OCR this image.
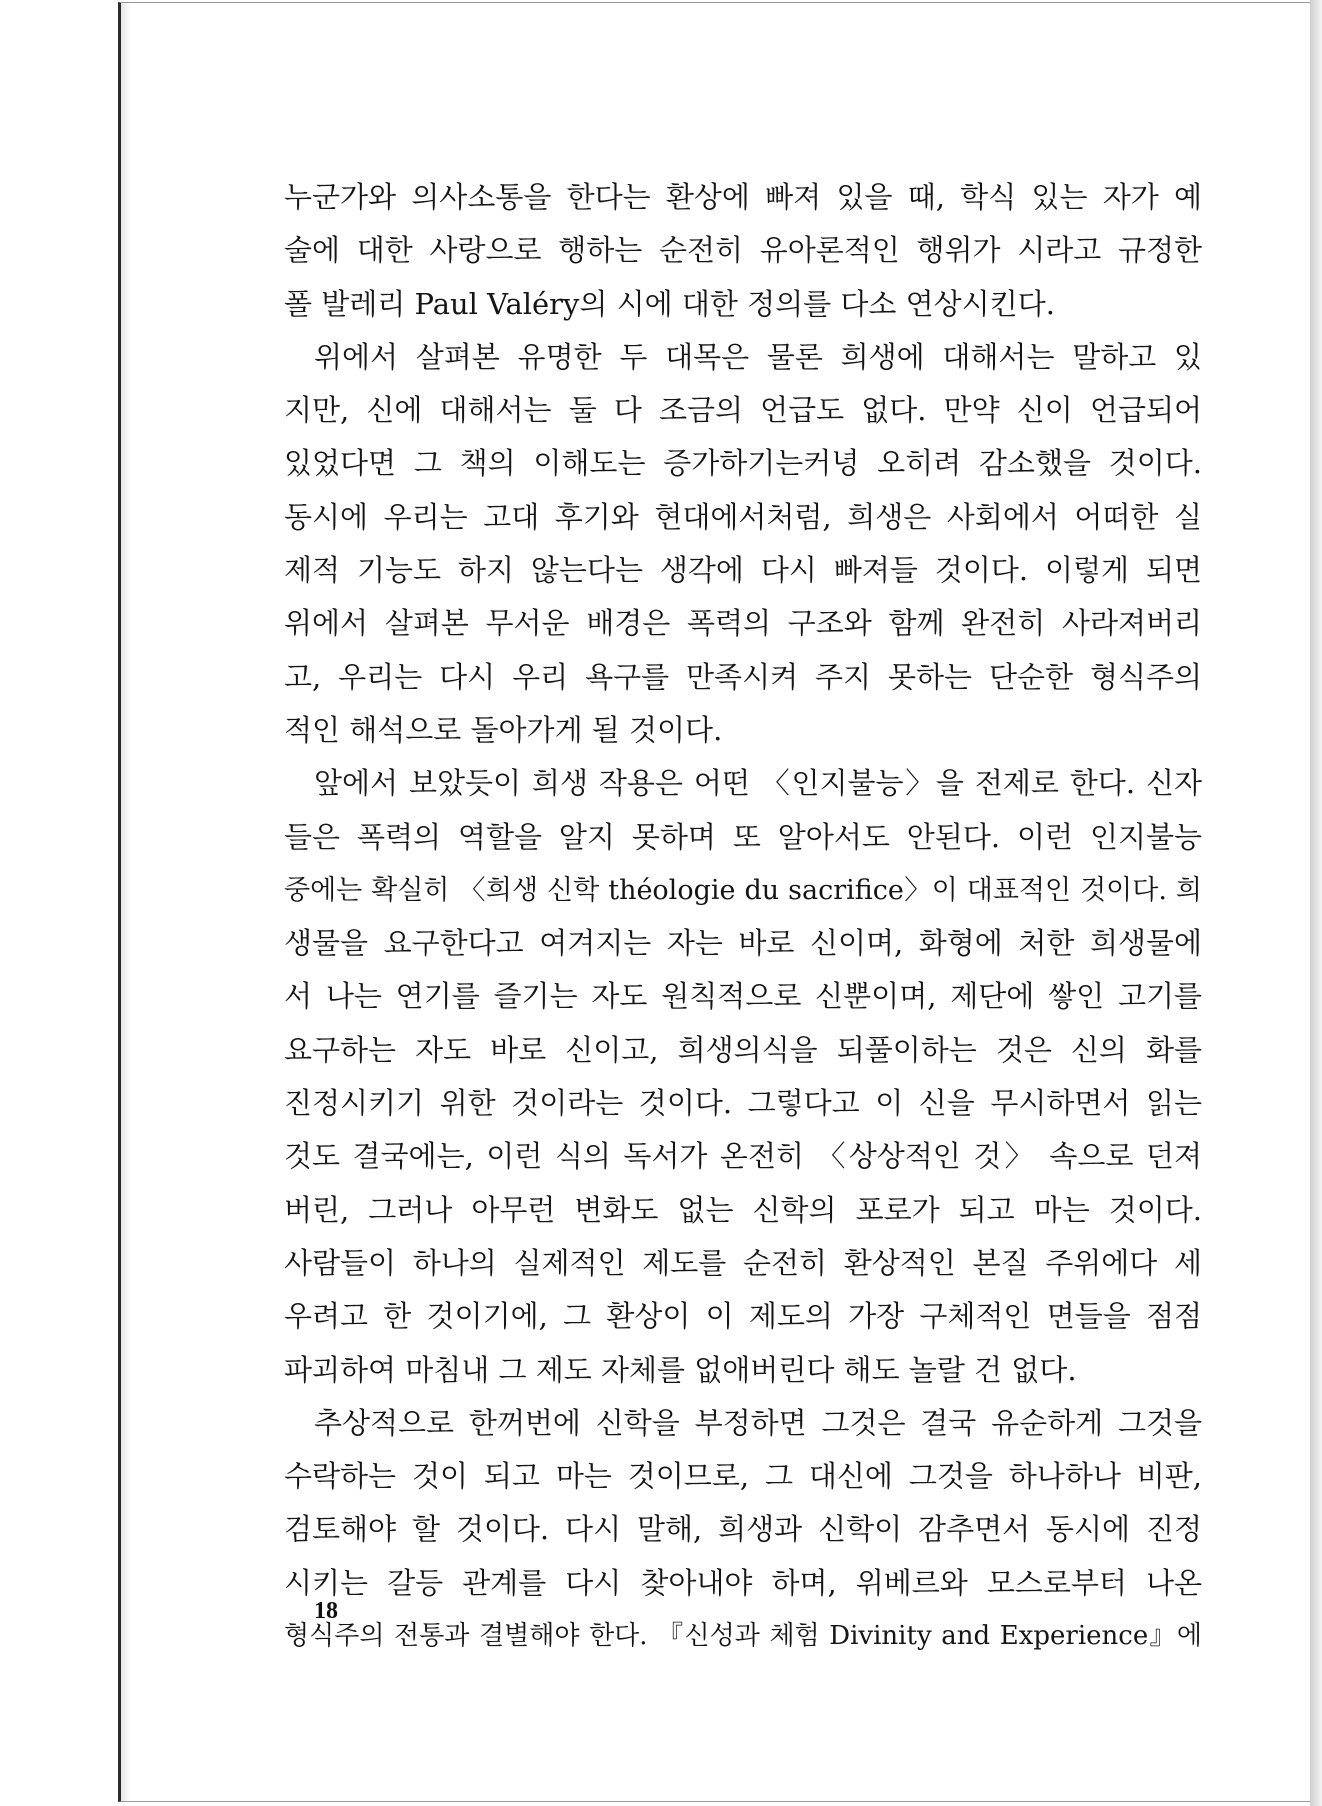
누군가와 의사소통을 한다는 환상에 빠져 있을 때, 학식 있는 자가 예
술에 대한 사랑으로 행하는 순전히 유아론적인 행위가 시라고 규정한
폴 발레리 Paul Valéry의 시에 대한 정의를 다소 연상시킨다.
위에서 살펴본 유명한 두 대목은 물론 희생에 대해서는 말하고 있
지만, 신에 대해서는 둘 다 조금의 언급도 없다. 만약 신이 언급되어
있었다면 그 책의 이해도는 증가하기는커녕 오히려 감소했을 것이다.
동시에 우리는 고대 후기와 현대에서처럼, 희생은 사회에서 어떠한 실
제적 기능도 하지 않는다는 생각에 다시 빠져들 것이다. 이렇게 되면
위에서 살펴본 무서운 배경은 폭력의 구조와 함께 완전히 사라져버리
고, 우리는 다시 우리 욕구를 만족시켜 주지 못하는 단순한 형식주의
적인 해석으로 돌아가게 될 것이다.
앞에서 보았듯이 희생 작용은 어떤 〈인지불능〉을 전제로 한다. 신자
들은 폭력의 역할을 알지 못하며 또 알아서도 안된다. 이런 인지불능
중에는 확실히 〈희생 신학 théologie du sacrifice〉이 대표적인 것이다. 희
생물을 요구한다고 여겨지는 자는 바로 신이며, 화형에 처한 희생물에
서 나는 연기를 즐기는 자도 원칙적으로 신뿐이며, 제단에 쌓인 고기를
요구하는 자도 바로 신이고, 희생의식을 되풀이하는 것은 신의 화를
진정시키기 위한 것이라는 것이다. 그렇다고 이 신을 무시하면서 읽는
것도 결국에는, 이런 식의 독서가 온전히 〈상상적인 것〉 속으로 던져
버린, 그러나 아무런 변화도 없는 신학의 포로가 되고 마는 것이다.
사람들이 하나의 실제적인 제도를 순전히 환상적인 본질 주위에다 세
우려고 한 것이기에, 그 환상이 이 제도의 가장 구체적인 면들을 점점
파괴하여 마침내 그 제도 자체를 없애버린다 해도 놀랄 건 없다.
추상적으로 한꺼번에 신학을 부정하면 그것은 결국 유순하게 그것을
수락하는 것이 되고 마는 것이므로, 그 대신에 그것을 하나하나 비판,
검토해야 할 것이다. 다시 말해, 희생과 신학이 감추면서 동시에 진정
시키는 갈등 관계를 다시 찾아내야 하며, 위베르와 모스로부터 나온
형식주의 전통과 결별해야 한다. 『신성과 체험 Divinity and Experience』에
18
